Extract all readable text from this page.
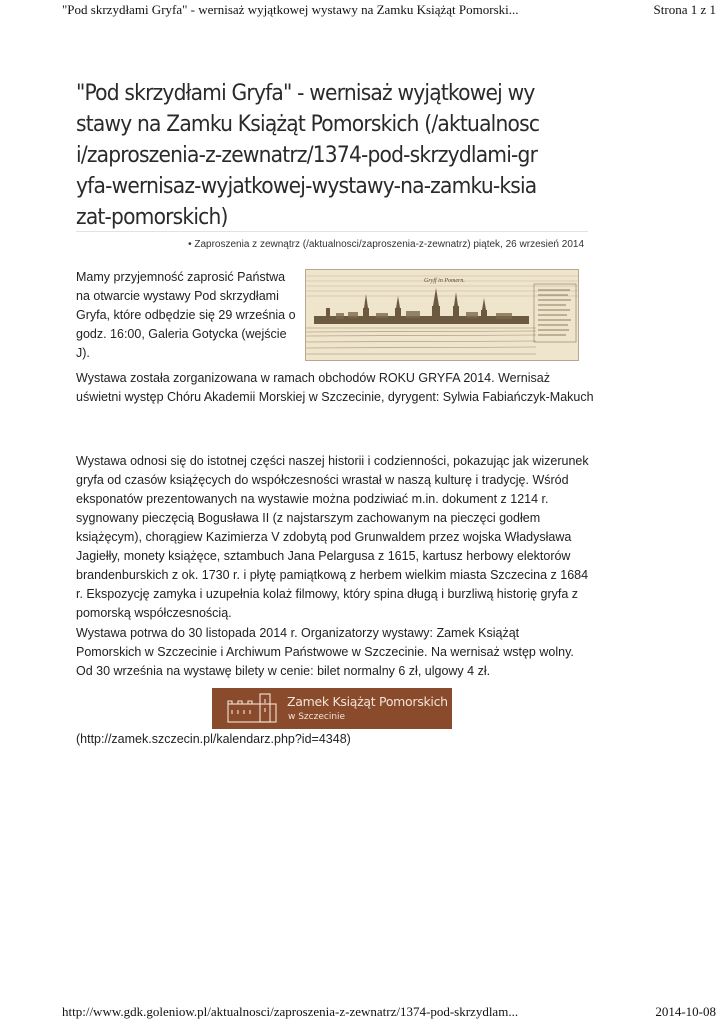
"Pod skrzydłami Gryfa" - wernisaż wyjątkowej wystawy na Zamku Książąt Pomorski...	Strona 1 z 1
"Pod skrzydłami Gryfa" - wernisaż wyjątkowej wystawy na Zamku Książąt Pomorskich (/aktualnosci/zaproszenia-z-zewnatrz/1374-pod-skrzydlami-gryfa-wernisaz-wyjatkowej-wystawy-na-zamku-ksiazat-pomorskich)
• Zaproszenia z zewnątrz (/aktualnosci/zaproszenia-z-zewnatrz) piątek, 26 wrzesień 2014

Mamy przyjemność zaprosić Państwa na otwarcie wystawy Pod skrzydłami Gryfa, które odbędzie się 29 września o godz. 16:00, Galeria Gotycka (wejście J).

Gryff in Pomern.

Wystawa została zorganizowana w ramach obchodów ROKU GRYFA 2014. Wernisaż uświetni występ Chóru Akademii Morskiej w Szczecinie, dyrygent: Sylwia Fabiańczyk-Makuch

Wystawa odnosi się do istotnej części naszej historii i codzienności, pokazując jak wizerunek gryfa od czasów książęcych do współczesności wrastał w naszą kulturę i tradycję. Wśród eksponatów prezentowanych na wystawie można podziwiać m.in. dokument z 1214 r. sygnowany pieczęcią Bogusława II (z najstarszym zachowanym na pieczęci godłem książęcym), chorągiew Kazimierza V zdobytą pod Grunwaldem przez wojska Władysława Jagiełły, monety książęce, sztambuch Jana Pelargusa z 1615, kartusz herbowy elektorów brandenburskich z ok. 1730 r. i płytę pamiątkową z herbem wielkim miasta Szczecina z 1684 r. Ekspozycję zamyka i uzupełnia kolaż filmowy, który spina długą i burzliwą historię gryfa z pomorską współczesnością.

Wystawa potrwa do 30 listopada 2014 r. Organizatorzy wystawy: Zamek Książąt Pomorskich w Szczecinie i Archiwum Państwowe w Szczecinie. Na wernisaż wstęp wolny. Od 30 września na wystawę bilety w cenie: bilet normalny 6 zł, ulgowy 4 zł.

Zamek Książąt Pomorskich
w Szczecinie
(http://zamek.szczecin.pl/kalendarz.php?id=4348)
http://www.gdk.goleniow.pl/aktualnosci/zaproszenia-z-zewnatrz/1374-pod-skrzydlam...	2014-10-08
